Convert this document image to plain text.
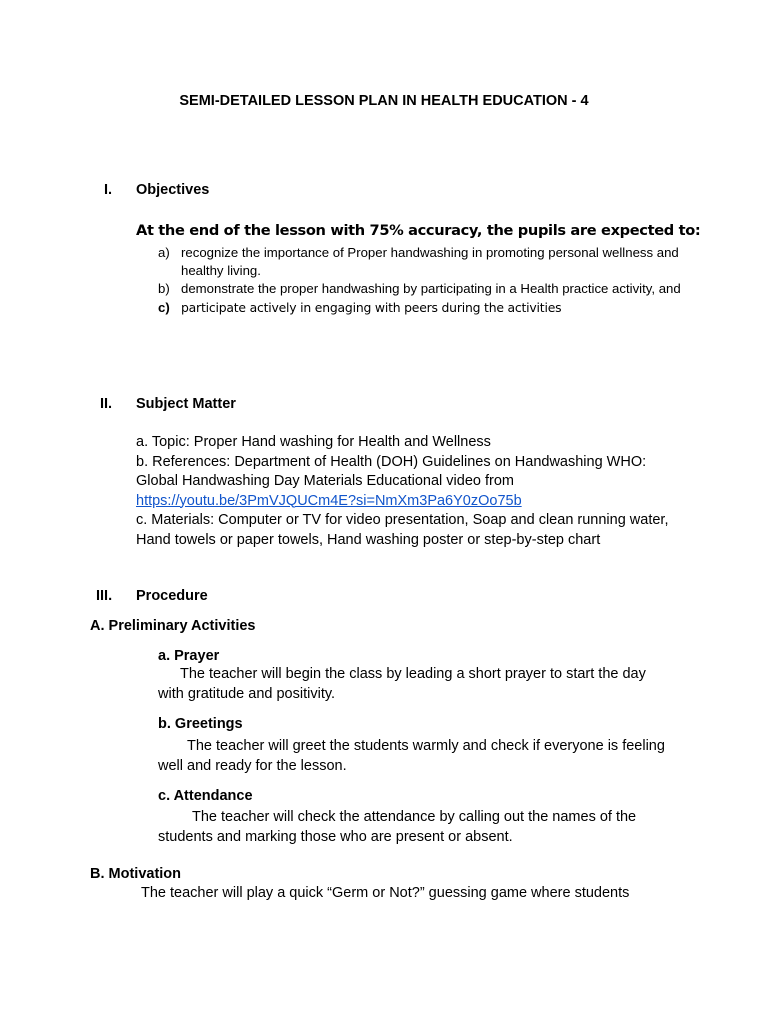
SEMI-DETAILED LESSON PLAN IN HEALTH EDUCATION - 4
I. Objectives
At the end of the lesson with 75% accuracy, the pupils are expected to:
a) recognize the importance of Proper handwashing in promoting personal wellness and healthy living.
b) demonstrate the proper handwashing by participating in a Health practice activity, and
c) participate actively in engaging with peers during the activities
II. Subject Matter

a. Topic: Proper Hand washing for Health and Wellness

b. References: Department of Health (DOH) Guidelines on Handwashing WHO: Global Handwashing Day Materials Educational video from

https://youtu.be/3PmVJQUCm4E?si=NmXm3Pa6Y0zOo75b

c. Materials: Computer or TV for video presentation, Soap and clean running water, Hand towels or paper towels, Hand washing poster or step-by-step chart

III. Procedure
A. Preliminary Activities
a. Prayer

The teacher will begin the class by leading a short prayer to start the day with gratitude and positivity.

b. Greetings

The teacher will greet the students warmly and check if everyone is feeling well and ready for the lesson.

c. Attendance

The teacher will check the attendance by calling out the names of the students and marking those who are present or absent.

B. Motivation
The teacher will play a quick “Germ or Not?” guessing game where students
